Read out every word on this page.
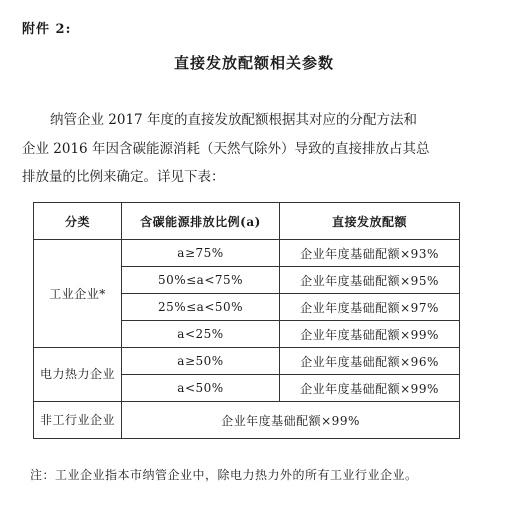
附件 2:
直接发放配额相关参数

纳管企业 2017 年度的直接发放配额根据其对应的分配方法和
企业 2016 年因含碳能源消耗（天然气除外）导致的直接排放占其总
排放量的比例来确定。详见下表：

分类	含碳能源排放比例(a)	直接发放配额
工业企业*	a≥75%	企业年度基础配额×93%
	50%≤a<75%	企业年度基础配额×95%
	25%≤a<50%	企业年度基础配额×97%
	a<25%	企业年度基础配额×99%
电力热力企业	a≥50%	企业年度基础配额×96%
	a<50%	企业年度基础配额×99%
非工行业企业	企业年度基础配额×99%	
注：工业企业指本市纳管企业中，除电力热力外的所有工业行业企业。
